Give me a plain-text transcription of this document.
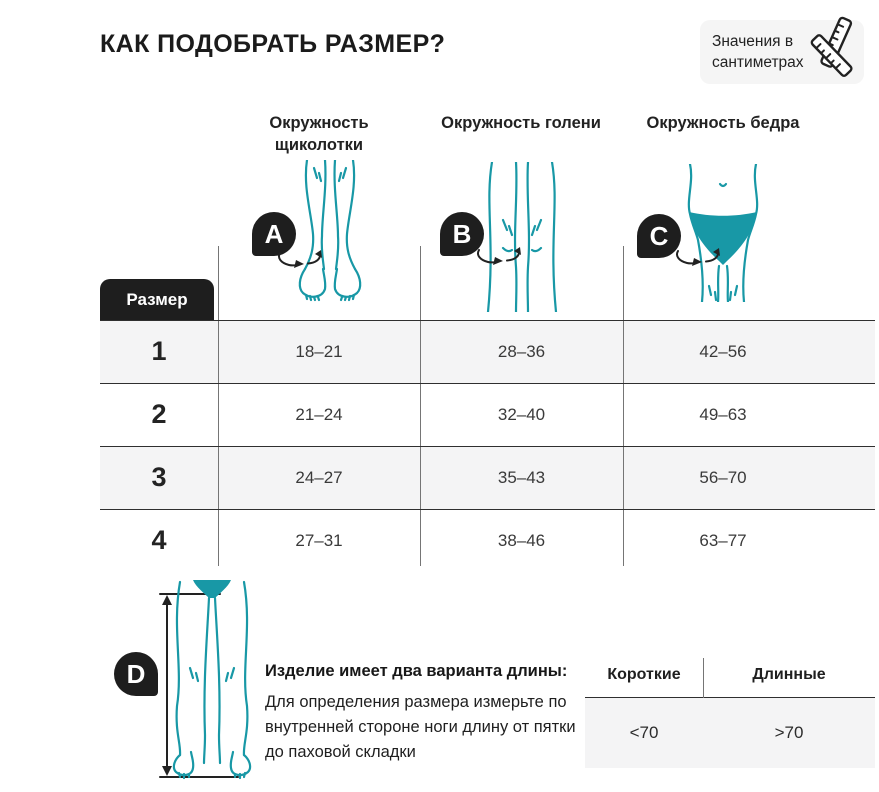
КАК ПОДОБРАТЬ РАЗМЕР?	Значения в сантиметрах
Окружность щиколотки
Окружность голени	Окружность бедра
A	B	C
Размер
1	18–21	28–36	42–56
2	21–24	32–40	49–63
3	24–27	35–43	56–70
4	27–31	38–46	63–77
D	Изделие имеет два варианта длины:
Для определения размера измерьте по внутренней стороне ноги длину от пятки до паховой складки
Короткие	Длинные
<70	>70
